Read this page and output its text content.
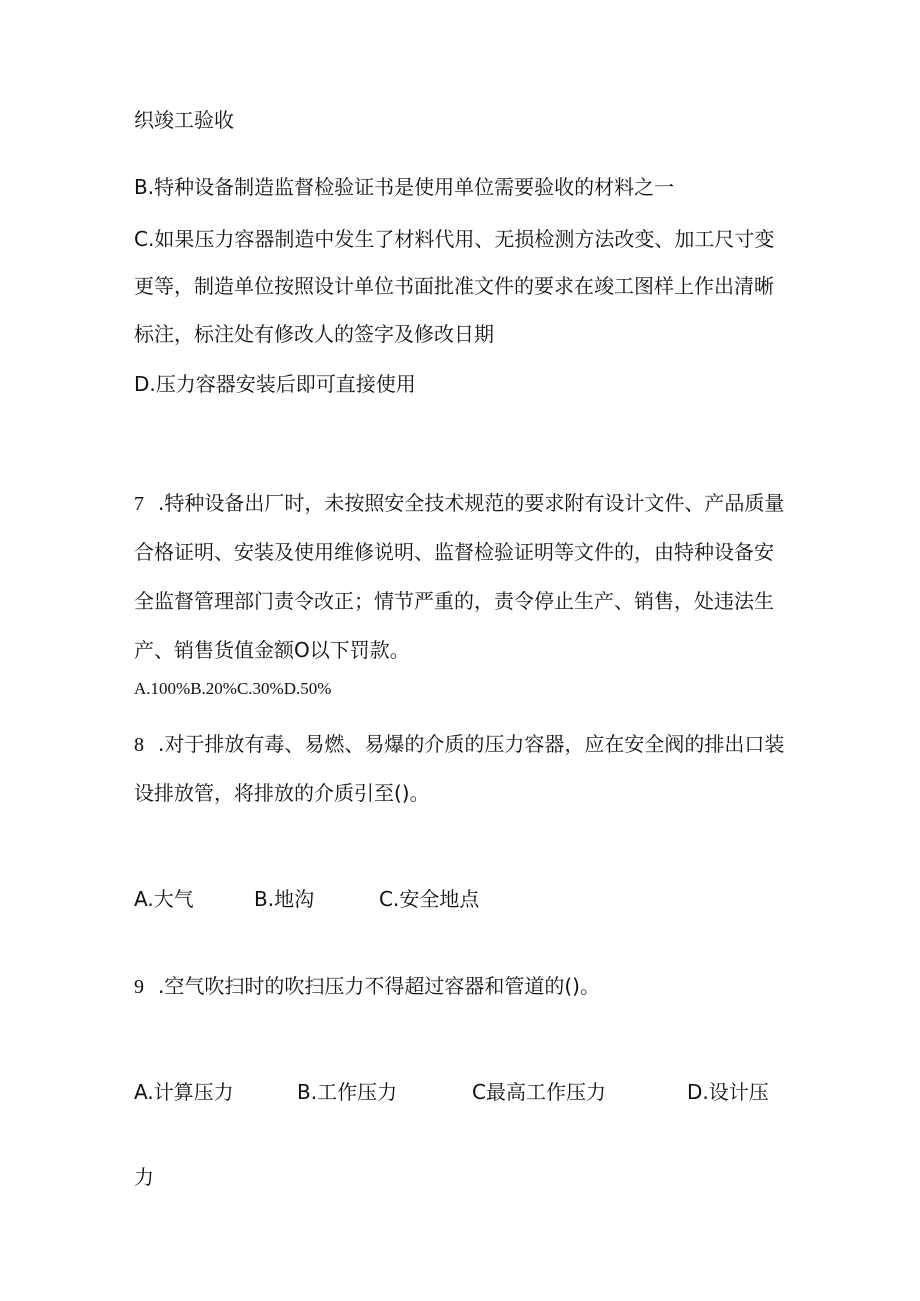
织竣工验收

B.特种设备制造监督检验证书是使用单位需要验收的材料之一

C.如果压力容器制造中发生了材料代用、无损检测方法改变、加工尺寸变

更等，制造单位按照设计单位书面批准文件的要求在竣工图样上作出清晰

标注，标注处有修改人的签字及修改日期

D.压力容器安装后即可直接使用

7 .特种设备出厂时，未按照安全技术规范的要求附有设计文件、产品质量

合格证明、安装及使用维修说明、监督检验证明等文件的，由特种设备安

全监督管理部门责令改正；情节严重的，责令停止生产、销售，处违法生

产、销售货值金额O以下罚款。

A.100%B.20%C.30%D.50%

8 .对于排放有毒、易燃、易爆的介质的压力容器，应在安全阀的排出口装

设排放管，将排放的介质引至()。

A.大气	B.地沟	C.安全地点

9 .空气吹扫时的吹扫压力不得超过容器和管道的()。

A.计算压力	B.工作压力	C最高工作压力	D.设计压

力
